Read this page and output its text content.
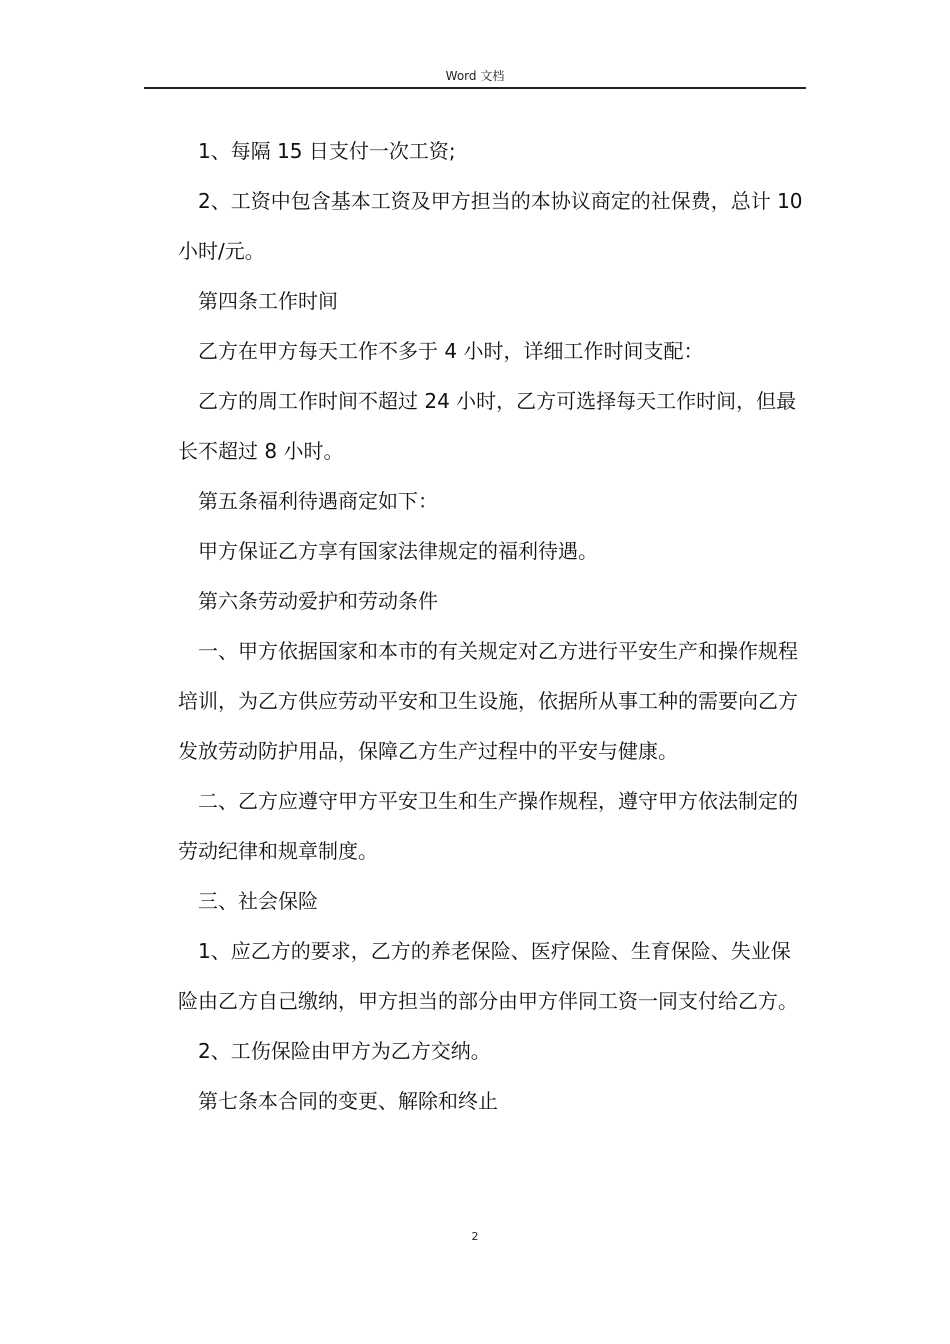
Word 文档

1、每隔 15 日支付一次工资;

2、工资中包含基本工资及甲方担当的本协议商定的社保费，总计 10 小时/元。

第四条工作时间

乙方在甲方每天工作不多于 4 小时，详细工作时间支配：

乙方的周工作时间不超过 24 小时，乙方可选择每天工作时间，但最长不超过 8 小时。

第五条福利待遇商定如下：

甲方保证乙方享有国家法律规定的福利待遇。

第六条劳动爱护和劳动条件

一、甲方依据国家和本市的有关规定对乙方进行平安生产和操作规程培训，为乙方供应劳动平安和卫生设施，依据所从事工种的需要向乙方发放劳动防护用品，保障乙方生产过程中的平安与健康。

二、乙方应遵守甲方平安卫生和生产操作规程，遵守甲方依法制定的劳动纪律和规章制度。

三、社会保险

1、应乙方的要求，乙方的养老保险、医疗保险、生育保险、失业保险由乙方自己缴纳，甲方担当的部分由甲方伴同工资一同支付给乙方。

2、工伤保险由甲方为乙方交纳。

第七条本合同的变更、解除和终止

2
